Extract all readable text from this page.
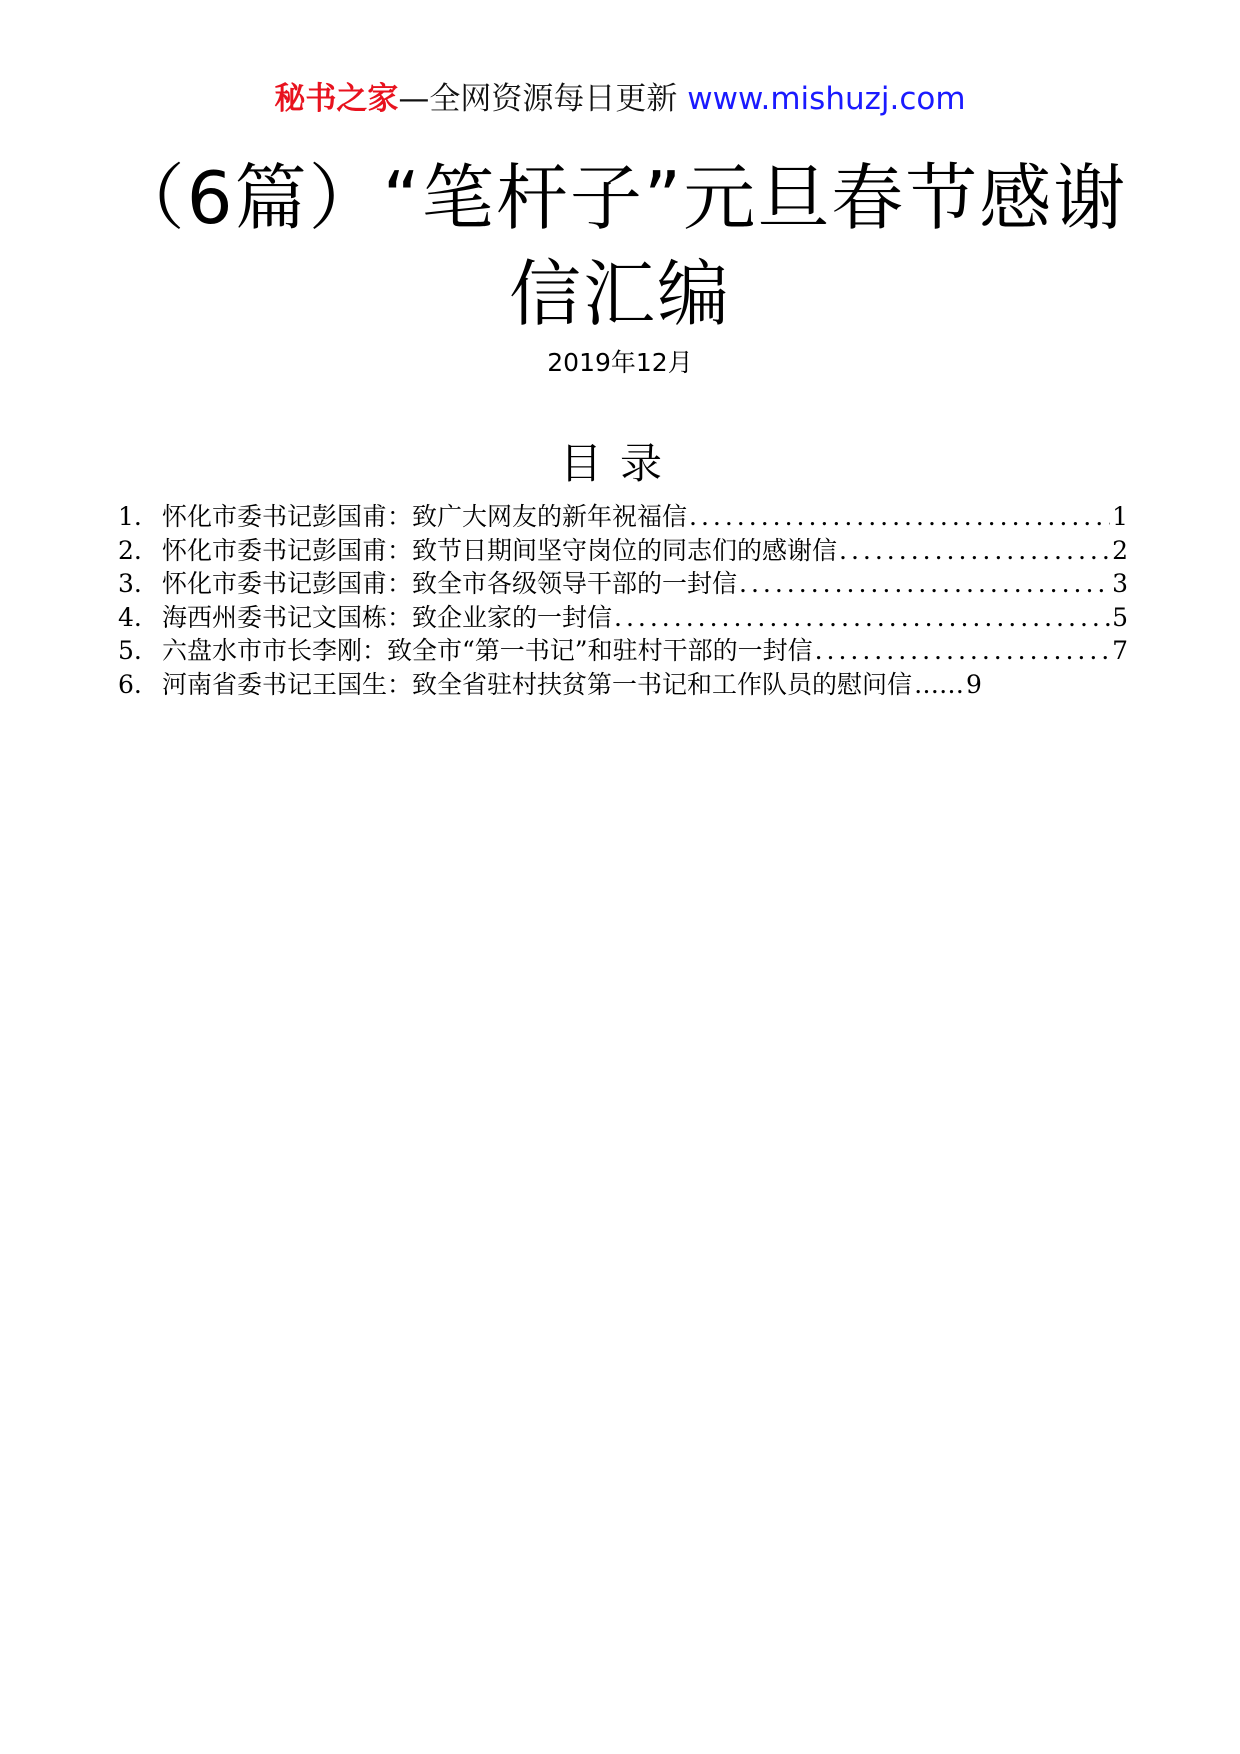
秘书之家—全网资源每日更新 www.mishuzj.com
（6篇）“笔杆子”元旦春节感谢信汇编
2019年12月
目录
1. 怀化市委书记彭国甫：致广大网友的新年祝福信 .....	1
2. 怀化市委书记彭国甫：致节日期间坚守岗位的同志们的感谢信 .....	2
3. 怀化市委书记彭国甫：致全市各级领导干部的一封信 .....	3
4. 海西州委书记文国栋：致企业家的一封信 .....	5
5. 六盘水市市长李刚：致全市“第一书记”和驻村干部的一封信 .....	7
6. 河南省委书记王国生：致全省驻村扶贫第一书记和工作队员的慰问信 …… 9
